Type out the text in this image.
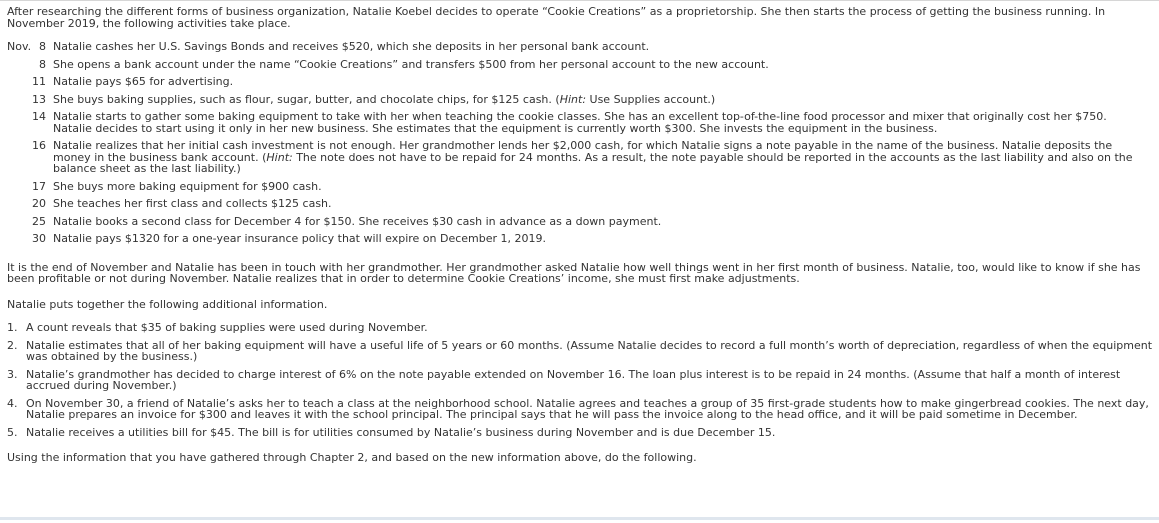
After researching the different forms of business organization, Natalie Koebel decides to operate “Cookie Creations” as a proprietorship. She then starts the process of getting the business running. In November 2019, the following activities take place.

Nov.	8	Natalie cashes her U.S. Savings Bonds and receives $520, which she deposits in her personal bank account.
	8	She opens a bank account under the name “Cookie Creations” and transfers $500 from her personal account to the new account.
	11	Natalie pays $65 for advertising.
	13	She buys baking supplies, such as flour, sugar, butter, and chocolate chips, for $125 cash. (Hint: Use Supplies account.)
	14	Natalie starts to gather some baking equipment to take with her when teaching the cookie classes. She has an excellent top-of-the-line food processor and mixer that originally cost her $750. Natalie decides to start using it only in her new business. She estimates that the equipment is currently worth $300. She invests the equipment in the business.
	16	Natalie realizes that her initial cash investment is not enough. Her grandmother lends her $2,000 cash, for which Natalie signs a note payable in the name of the business. Natalie deposits the money in the business bank account. (Hint: The note does not have to be repaid for 24 months. As a result, the note payable should be reported in the accounts as the last liability and also on the balance sheet as the last liability.)
	17	She buys more baking equipment for $900 cash.
	20	She teaches her first class and collects $125 cash.
	25	Natalie books a second class for December 4 for $150. She receives $30 cash in advance as a down payment.
	30	Natalie pays $1320 for a one-year insurance policy that will expire on December 1, 2019.

It is the end of November and Natalie has been in touch with her grandmother. Her grandmother asked Natalie how well things went in her first month of business. Natalie, too, would like to know if she has been profitable or not during November. Natalie realizes that in order to determine Cookie Creations’ income, she must first make adjustments.

Natalie puts together the following additional information.

1. A count reveals that $35 of baking supplies were used during November.
2. Natalie estimates that all of her baking equipment will have a useful life of 5 years or 60 months. (Assume Natalie decides to record a full month’s worth of depreciation, regardless of when the equipment was obtained by the business.)
3. Natalie’s grandmother has decided to charge interest of 6% on the note payable extended on November 16. The loan plus interest is to be repaid in 24 months. (Assume that half a month of interest accrued during November.)
4. On November 30, a friend of Natalie’s asks her to teach a class at the neighborhood school. Natalie agrees and teaches a group of 35 first-grade students how to make gingerbread cookies. The next day, Natalie prepares an invoice for $300 and leaves it with the school principal. The principal says that he will pass the invoice along to the head office, and it will be paid sometime in December.
5. Natalie receives a utilities bill for $45. The bill is for utilities consumed by Natalie’s business during November and is due December 15.

Using the information that you have gathered through Chapter 2, and based on the new information above, do the following.
